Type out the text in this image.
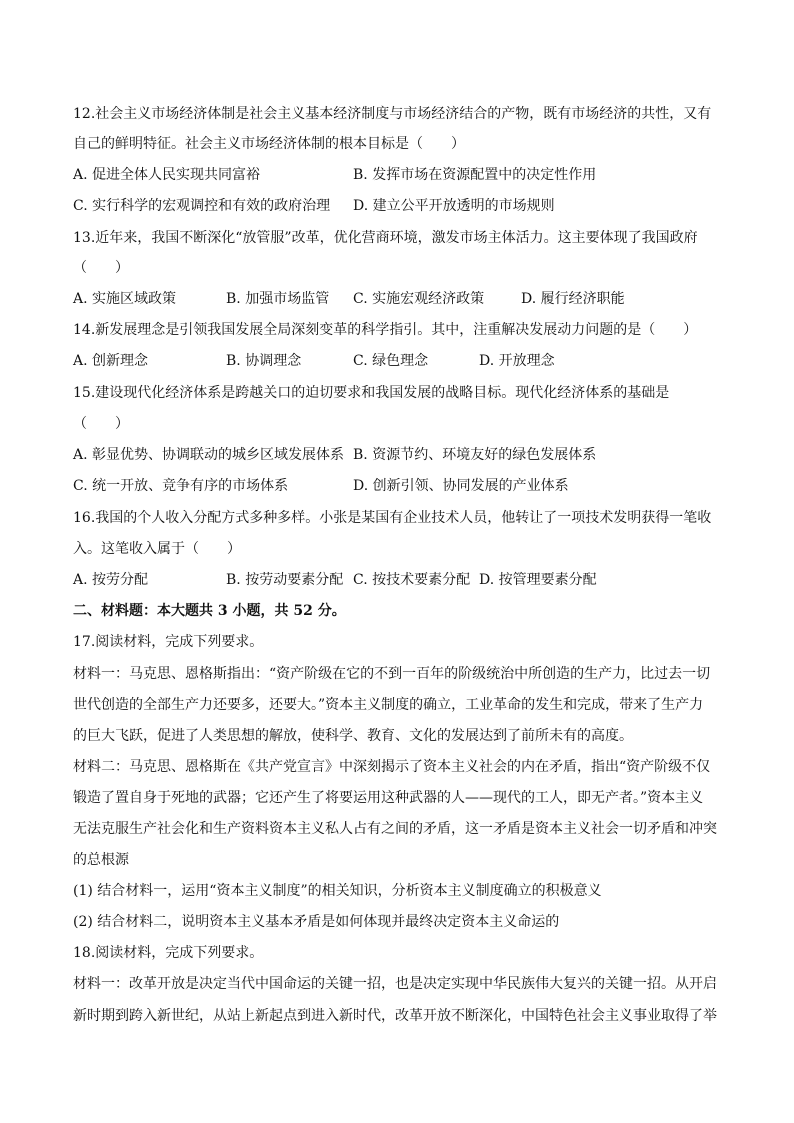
12.社会主义市场经济体制是社会主义基本经济制度与市场经济结合的产物，既有市场经济的共性，又有
自己的鲜明特征。社会主义市场经济体制的根本目标是（　　）
A. 促进全体人民实现共同富裕	B. 发挥市场在资源配置中的决定性作用
C. 实行科学的宏观调控和有效的政府治理 D. 建立公平开放透明的市场规则
13.近年来，我国不断深化“放管服”改革，优化营商环境，激发市场主体活力。这主要体现了我国政府
（　　）
A. 实施区域政策	B. 加强市场监管 C. 实施宏观经济政策	D. 履行经济职能
14.新发展理念是引领我国发展全局深刻变革的科学指引。其中，注重解决发展动力问题的是（　　）
A. 创新理念	B. 协调理念	C. 绿色理念	D. 开放理念
15.建设现代化经济体系是跨越关口的迫切要求和我国发展的战略目标。现代化经济体系的基础是
（　　）
A. 彰显优势、协调联动的城乡区域发展体系 B. 资源节约、环境友好的绿色发展体系
C. 统一开放、竞争有序的市场体系	D. 创新引领、协同发展的产业体系
16.我国的个人收入分配方式多种多样。小张是某国有企业技术人员，他转让了一项技术发明获得一笔收
入。这笔收入属于（　　）
A. 按劳分配	B. 按劳动要素分配 C. 按技术要素分配 D. 按管理要素分配
二、材料题：本大题共 3 小题，共 52 分。
17.阅读材料，完成下列要求。
材料一：马克思、恩格斯指出：“资产阶级在它的不到一百年的阶级统治中所创造的生产力，比过去一切
世代创造的全部生产力还要多，还要大。”资本主义制度的确立，工业革命的发生和完成，带来了生产力
的巨大飞跃，促进了人类思想的解放，使科学、教育、文化的发展达到了前所未有的高度。
材料二：马克思、恩格斯在《共产党宣言》中深刻揭示了资本主义社会的内在矛盾，指出“资产阶级不仅
锻造了置自身于死地的武器；它还产生了将要运用这种武器的人——现代的工人，即无产者。”资本主义
无法克服生产社会化和生产资料资本主义私人占有之间的矛盾，这一矛盾是资本主义社会一切矛盾和冲突
的总根源
(1) 结合材料一，运用“资本主义制度”的相关知识，分析资本主义制度确立的积极意义
(2) 结合材料二，说明资本主义基本矛盾是如何体现并最终决定资本主义命运的
18.阅读材料，完成下列要求。
材料一：改革开放是决定当代中国命运的关键一招，也是决定实现中华民族伟大复兴的关键一招。从开启
新时期到跨入新世纪，从站上新起点到进入新时代，改革开放不断深化，中国特色社会主义事业取得了举
